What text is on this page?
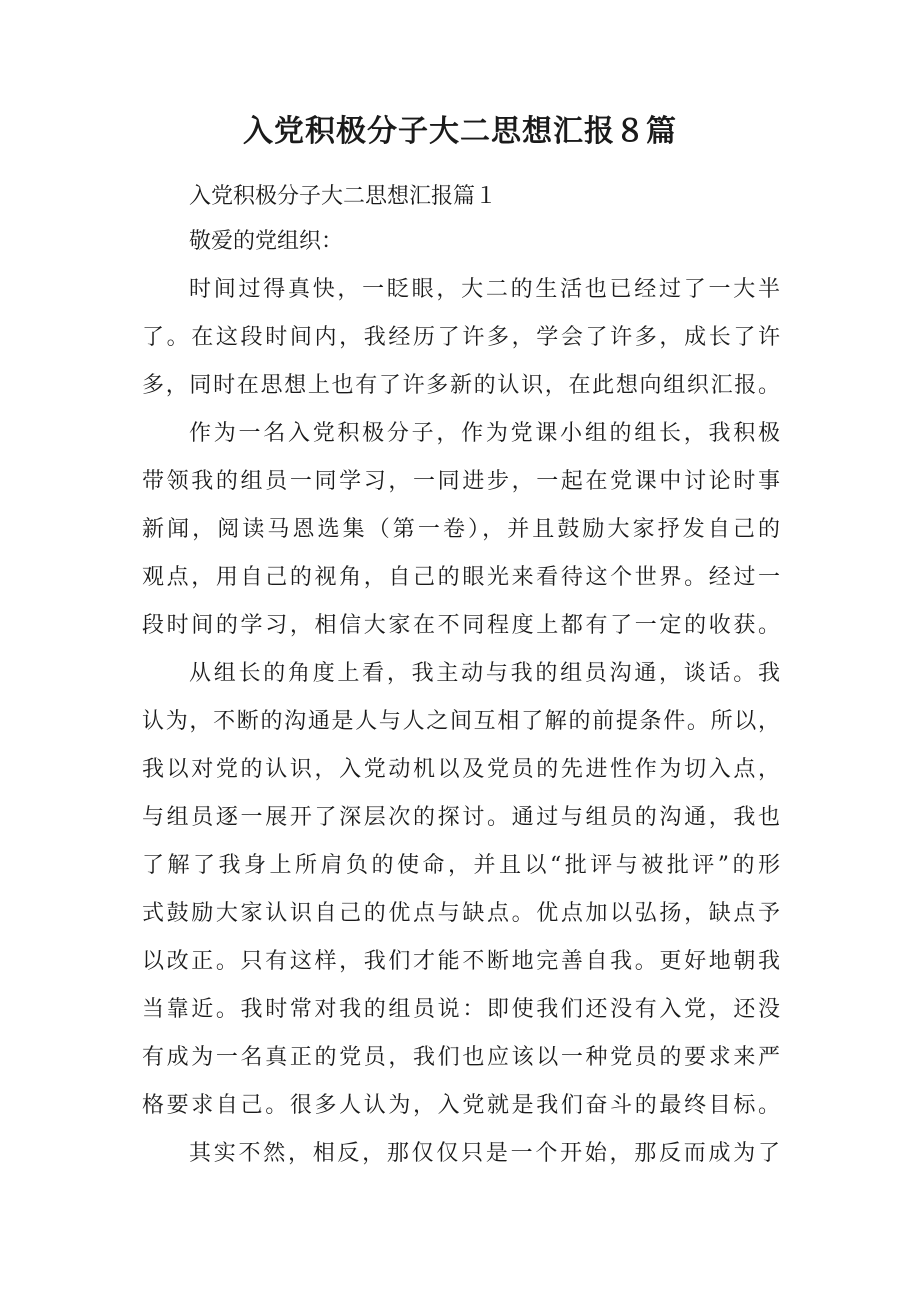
入党积极分子大二思想汇报８篇

入党积极分子大二思想汇报篇１

敬爱的党组织：

时间过得真快，一眨眼，大二的生活也已经过了一大半

了。在这段时间内，我经历了许多，学会了许多，成长了许

多，同时在思想上也有了许多新的认识，在此想向组织汇报。

作为一名入党积极分子，作为党课小组的组长，我积极

带领我的组员一同学习，一同进步，一起在党课中讨论时事

新闻，阅读马恩选集（第一卷），并且鼓励大家抒发自己的

观点，用自己的视角，自己的眼光来看待这个世界。经过一

段时间的学习，相信大家在不同程度上都有了一定的收获。

从组长的角度上看，我主动与我的组员沟通，谈话。我

认为，不断的沟通是人与人之间互相了解的前提条件。所以，

我以对党的认识，入党动机以及党员的先进性作为切入点，

与组员逐一展开了深层次的探讨。通过与组员的沟通，我也

了解了我身上所肩负的使命，并且以“批评与被批评”的形

式鼓励大家认识自己的优点与缺点。优点加以弘扬，缺点予

以改正。只有这样，我们才能不断地完善自我。更好地朝我

当靠近。我时常对我的组员说：即使我们还没有入党，还没

有成为一名真正的党员，我们也应该以一种党员的要求来严

格要求自己。很多人认为，入党就是我们奋斗的最终目标。

其实不然，相反，那仅仅只是一个开始，那反而成为了
